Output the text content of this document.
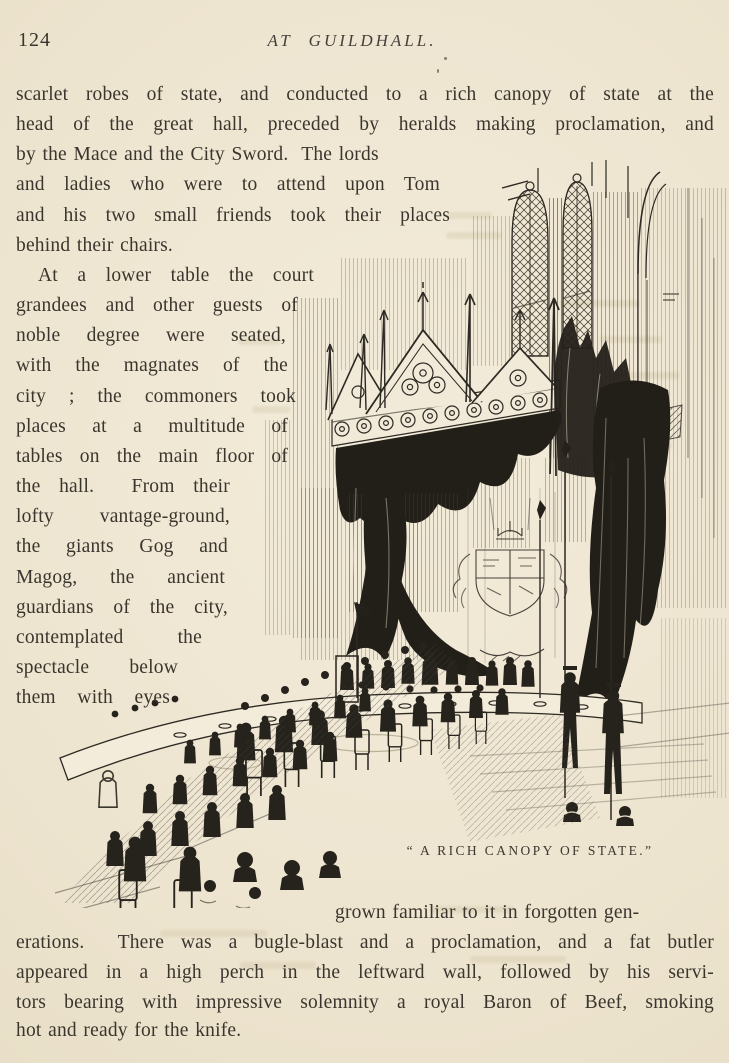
124	AT GUILDHALL.
scarlet robes of state, and conducted to a rich canopy of state at the
head of the great hall, preceded by heralds making proclamation, and
by the Mace and the City Sword.  The lords
and ladies who were to attend upon Tom
and his two small friends took their places
behind their chairs.
At a lower table the court
grandees and other guests of
noble degree were seated,
with the magnates of the
city ; the commoners took
places at a multitude of
tables on the main floor of
the hall.  From their
lofty vantage-ground,
the giants Gog and
Magog, the ancient
guardians of the city,
contemplated the
spectacle below
them with eyes
“ A RICH CANOPY OF STATE.”
grown familiar to it in forgotten gen-
erations.  There was a bugle-blast and a proclamation, and a fat butler
appeared in a high perch in the leftward wall, followed by his servi-
tors bearing with impressive solemnity a royal Baron of Beef, smoking
hot and ready for the knife.
